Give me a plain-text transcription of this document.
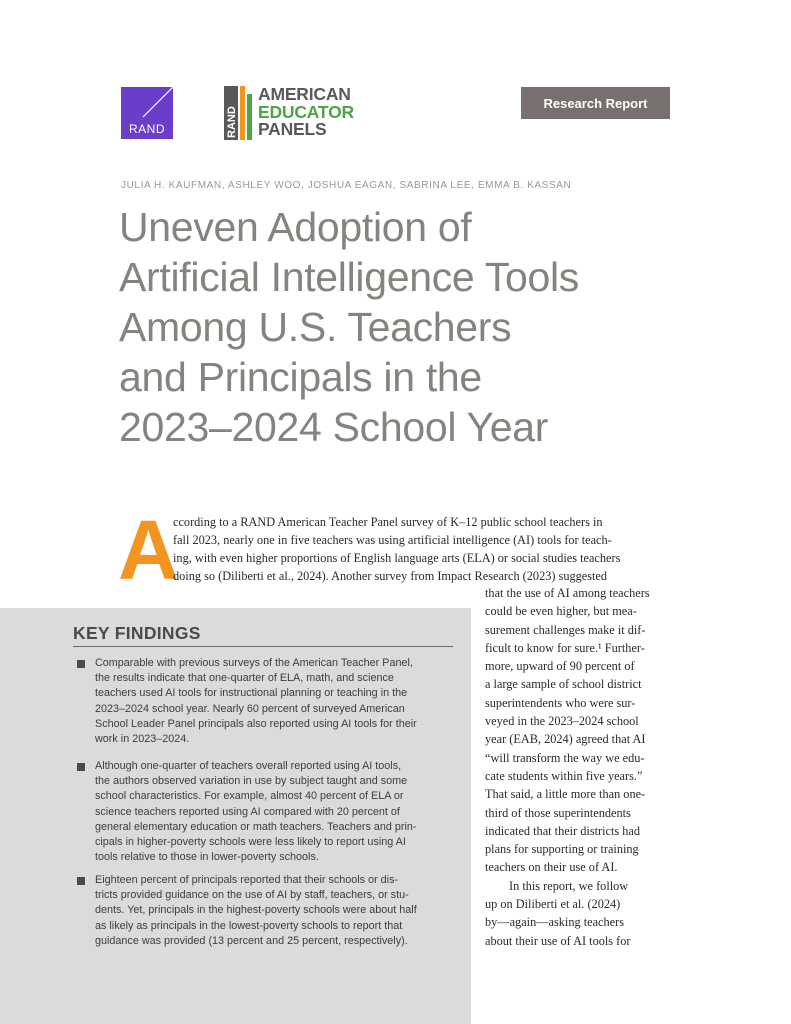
RAND	RAND
AMERICAN
EDUCATOR
PANELS
Research Report
JULIA H. KAUFMAN, ASHLEY WOO, JOSHUA EAGAN, SABRINA LEE, EMMA B. KASSAN
Uneven Adoption of
Artificial Intelligence Tools
Among U.S. Teachers
and Principals in the
2023–2024 School Year
A
ccording to a RAND American Teacher Panel survey of K–12 public school teachers in
fall 2023, nearly one in five teachers was using artificial intelligence (AI) tools for teach-
ing, with even higher proportions of English language arts (ELA) or social studies teachers
doing so (Diliberti et al., 2024). Another survey from Impact Research (2023) suggested
that the use of AI among teachers
could be even higher, but mea-
surement challenges make it dif-
ficult to know for sure.¹ Further-
more, upward of 90 percent of
a large sample of school district
superintendents who were sur-
veyed in the 2023–2024 school
year (EAB, 2024) agreed that AI
“will transform the way we edu-
cate students within five years.”
That said, a little more than one-
third of those superintendents
indicated that their districts had
plans for supporting or training
teachers on their use of AI.
In this report, we follow
up on Diliberti et al. (2024)
by—again—asking teachers
about their use of AI tools for
KEY FINDINGS
Comparable with previous surveys of the American Teacher Panel,
the results indicate that one-quarter of ELA, math, and science
teachers used AI tools for instructional planning or teaching in the
2023–2024 school year. Nearly 60 percent of surveyed American
School Leader Panel principals also reported using AI tools for their
work in 2023–2024.
Although one-quarter of teachers overall reported using AI tools,
the authors observed variation in use by subject taught and some
school characteristics. For example, almost 40 percent of ELA or
science teachers reported using AI compared with 20 percent of
general elementary education or math teachers. Teachers and prin-
cipals in higher-poverty schools were less likely to report using AI
tools relative to those in lower-poverty schools.
Eighteen percent of principals reported that their schools or dis-
tricts provided guidance on the use of AI by staff, teachers, or stu-
dents. Yet, principals in the highest-poverty schools were about half
as likely as principals in the lowest-poverty schools to report that
guidance was provided (13 percent and 25 percent, respectively).
